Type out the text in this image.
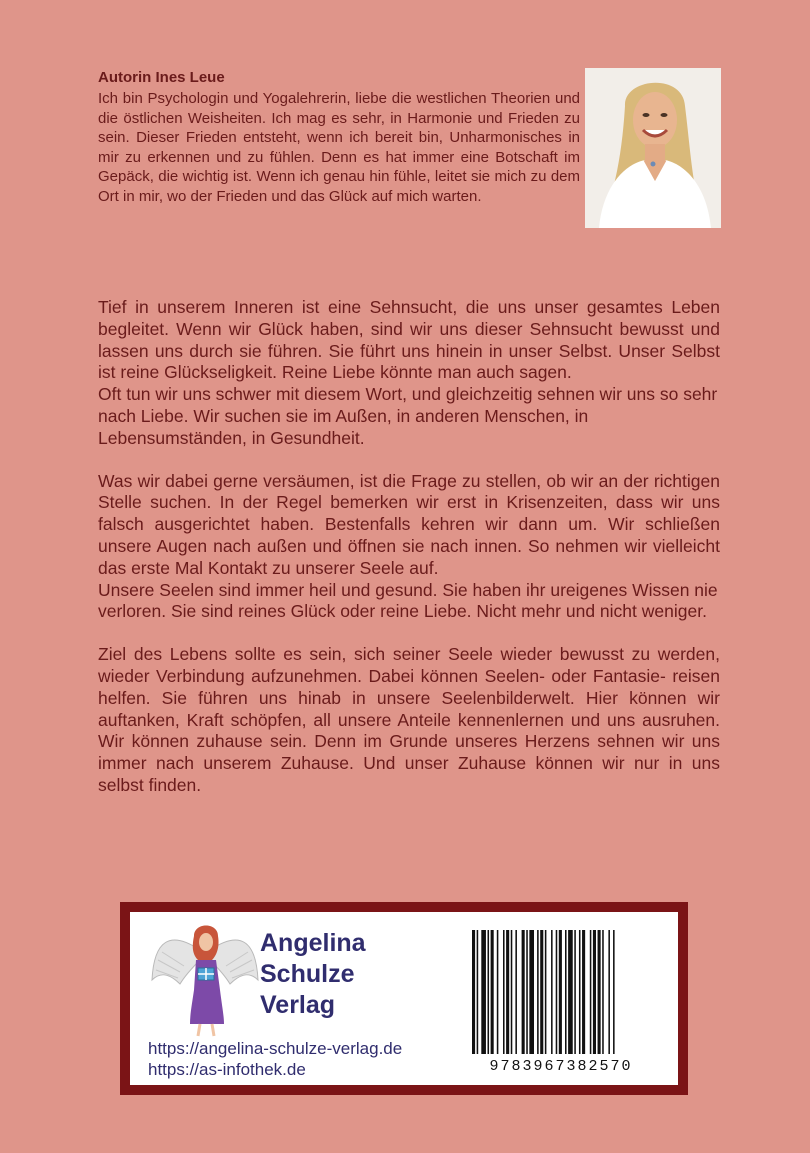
Autorin Ines Leue

Ich bin Psychologin und Yogalehrerin, liebe die westlichen Theorien und die östlichen Weisheiten. Ich mag es sehr, in Harmonie und Frieden zu sein. Dieser Frieden entsteht, wenn ich bereit bin, Unharmonisches in mir zu erkennen und zu fühlen. Denn es hat immer eine Botschaft im Gepäck, die wichtig ist. Wenn ich genau hin fühle, leitet sie mich zu dem Ort in mir, wo der Frieden und das Glück auf mich warten.

Tief in unserem Inneren ist eine Sehnsucht, die uns unser gesamtes Leben begleitet. Wenn wir Glück haben, sind wir uns dieser Sehnsucht bewusst und lassen uns durch sie führen. Sie führt uns hinein in unser Selbst. Unser Selbst ist reine Glückseligkeit. Reine Liebe könnte man auch sagen.
Oft tun wir uns schwer mit diesem Wort, und gleichzeitig sehnen wir uns so sehr nach Liebe. Wir suchen sie im Außen, in anderen Menschen, in Lebensumständen, in Gesundheit.

Was wir dabei gerne versäumen, ist die Frage zu stellen, ob wir an der richtigen Stelle suchen. In der Regel bemerken wir erst in Krisenzeiten, dass wir uns falsch ausgerichtet haben. Bestenfalls kehren wir dann um. Wir schließen unsere Augen nach außen und öffnen sie nach innen. So nehmen wir vielleicht das erste Mal Kontakt zu unserer Seele auf.
Unsere Seelen sind immer heil und gesund. Sie haben ihr ureigenes Wissen nie verloren. Sie sind reines Glück oder reine Liebe. Nicht mehr und nicht weniger.

Ziel des Lebens sollte es sein, sich seiner Seele wieder bewusst zu werden, wieder Verbindung aufzunehmen. Dabei können Seelen- oder Fantasie- reisen helfen. Sie führen uns hinab in unsere Seelenbilderwelt. Hier können wir auftanken, Kraft schöpfen, all unsere Anteile kennenlernen und uns ausruhen. Wir können zuhause sein. Denn im Grunde unseres Herzens sehnen wir uns immer nach unserem Zuhause. Und unser Zuhause können wir nur in uns selbst finden.

Angelina
Schulze
Verlag
https://angelina-schulze-verlag.de
https://as-infothek.de	9783967382570
